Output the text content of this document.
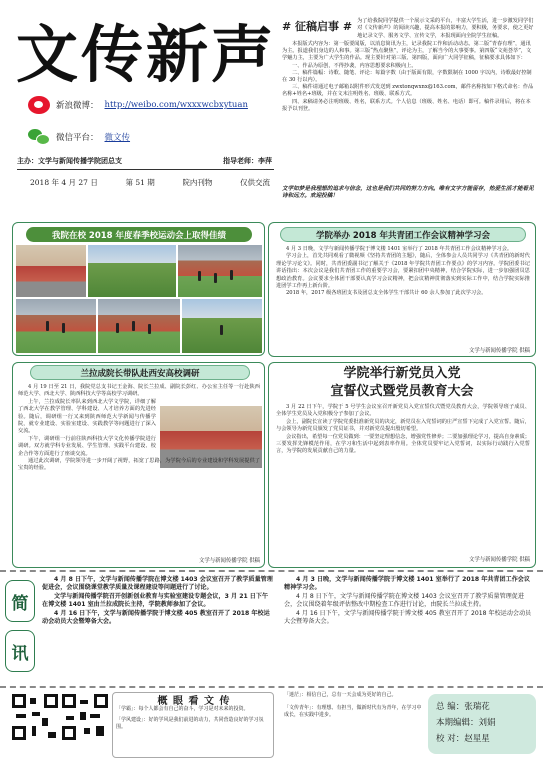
文传新声
新浪微博： http://weibo.com/wxxxwcbxytuan
微信平台： 微文传
主办：文学与新闻传播学院团总支	指导老师：李萍
2018 年 4 月 27 日	第 51 期	院内刊物	仅供交流
# 征稿启事 # 为了给我院同学提供一个展示文采的平台，丰富大学生活，进一步激发同学们对《文传新声》的阅读兴趣，提高本报的影响力，要积极，务要求，使之更好地记录文学、服务文学、宣传文学，本报现面向全院学生征稿。
本报版式内容为：第一版要闻版，以消息简讯为主，记录我院工作和活动动态。第二版“青春有理”，通讯为主。报道我们身边的人和事。第三版“热点聚焦”，评论为主，了解当今的大事要事。第四版“文苑荟萃”，文学魅力主，主要为广大学生的作品。现主要针对第三版、第四版，面向广大同学征稿，征稿要求具体如下：
一、作品为原创，不得抄袭，内容思想要求积极向上。
二、稿件篇幅：诗歌、随笔、评论：每篇字数（由于版面有限，字数限制在 1000 字以内，诗歌最好控制在 30 行以内）。
三、稿件请通过电子邮箱以附件形式发送到 zwxtonqwxnx@163.com，邮件名称按如下格式命名：作品名称+姓名+班级，并在文末注明姓名、班级、联系方式。
四、来稿请务必注明班级、姓名，联系方式。个人信息（班级、姓名、电话）即可。稿件录用后，将在本报予以刊登。
文学如梦是我理想的追求与信念，这也是我们共同的努力方向。唯有文字方能留存，热爱生活才能看见诗和远方。欢迎投稿！
我院在校 2018 年度春季校运动会上取得佳绩	学院举办 2018 年共青团工作会议精神学习会

4 月 3 日晚，文学与新闻传播学院于博文楼 1401 室举行了 2018 年共青团工作会议精神学习会。

学习会上，首先共同观看了微视频《坚持共青团的主题》，随后，全体参会人员共同学习《共青团的新时代理论学习论文》。同时，共青团委副书记了解关于《2018 年学院共青团工作要点》的学习内容。学院团委书记讲话指出：本次会议是我们共青团工作的重要学习会，要紧扣团中央精神，结合学院实际，进一步加强团员思想政治教育。会议要求全体团干部要认真学习会议精神，把会议精神贯彻落实到实际工作中，结合学院实际推进团学工作再上新台阶。

2018 年，2017 级各班团支书及团总支全体学生干部共计 60 余人参加了此次学习会。

文学与新闻传播学院 供稿
兰拉成院长带队赴西安高校调研

4 月 19 日至 21 日，我院党总支书记王金海、院长兰拉成、副院长彭红、办公室主任等一行赴陕西师范大学、西北大学、陕西科技大学等高校学习调研。

上午，兰拉成院长率队来到西北大学文学院，详细了解了西北大学在教学管理、学科建设、人才培养方面的先进经验。随后，调研组一行又来到陕西师范大学新闻与传播学院，就专业建设、实验室建设、实践教学等问题进行了深入交流。

下午，调研组一行前往陕西科技大学文化传播学院进行调研。双方就学科专业发展、学生管理、实践平台建设、校企合作等方面进行了座谈交流。

通过此次调研，学院领导进一步开阔了视野，拓宽了思路，为学院今后的专业建设和学科发展提供了宝贵的经验。

文学与新闻传播学院 供稿
学院举行新党员入党
宣誓仪式暨党员教育大会

3 月 22 日下午，学院于 5 号学生会议室召开新党员入党宣誓仪式暨党员教育大会，学院领导班子成员、全体学生党员及入党积极分子参加了会议。

会上，副院长宣读了学院党委批准新党员的决定，新党员在入党誓词的庄严宣誓下完成了入党宣誓。随后，与会领导为新党员颁发了党员证书，并对新党员提出殷切希望。

会议指出，希望每一位党员做到：一要坚定理想信念，增强党性修养；二要加强理论学习，提高自身素质；三要发挥先锋模范作用，在学习和生活中起到表率作用。全体党员要牢记入党誓词，以实际行动践行入党誓言，为学院的发展贡献自己的力量。

文学与新闻传播学院 供稿
简
讯

4 月 8 日下午，文学与新闻传播学院在博文楼 1403 会议室召开了教学质量管理促进会，会议围绕课堂教学质量及课程建设等问题进行了讨论。

文学与新闻传播学院召开创新创业教育与实验室建设专题会议，3 月 21 日下午在博文楼 1401 室由兰拉成院长主持，学院教师参加了会议。

4 月 16 日下午，文学与新闻传播学院于博文楼 405 教室召开了 2018 年校运动会动员大会暨筹备大会。

4 月 3 日晚，文学与新闻传播学院于博文楼 1401 室举行了 2018 年共青团工作会议精神学习会。

4 月 8 日下午，文学与新闻传播学院在博文楼 1403 会议室召开了教学质量管理促进会，会议围绕着年级评估整改中期检查工作进行讨论，由院长兰拉成主持。

4 月 16 日下午，文学与新闻传播学院于博文楼 405 教室召开了 2018 年校运动会动员大会暨筹备大会。

概 眼 看 文 传

「学霸」：每个人都会有自己的奋斗，学习是对未来的投资。

「学风建设」：好的学风是我们前进的动力，共同营造良好的学习氛围。

「迷茫」：相信自己，总有一天会成为更好的自己。

「文传青年」：有理想、有担当，做新时代有为青年，在学习中成长，在实践中进步。

总 编：张瑞花
本期编辑：刘娟
校 对：赵星星
